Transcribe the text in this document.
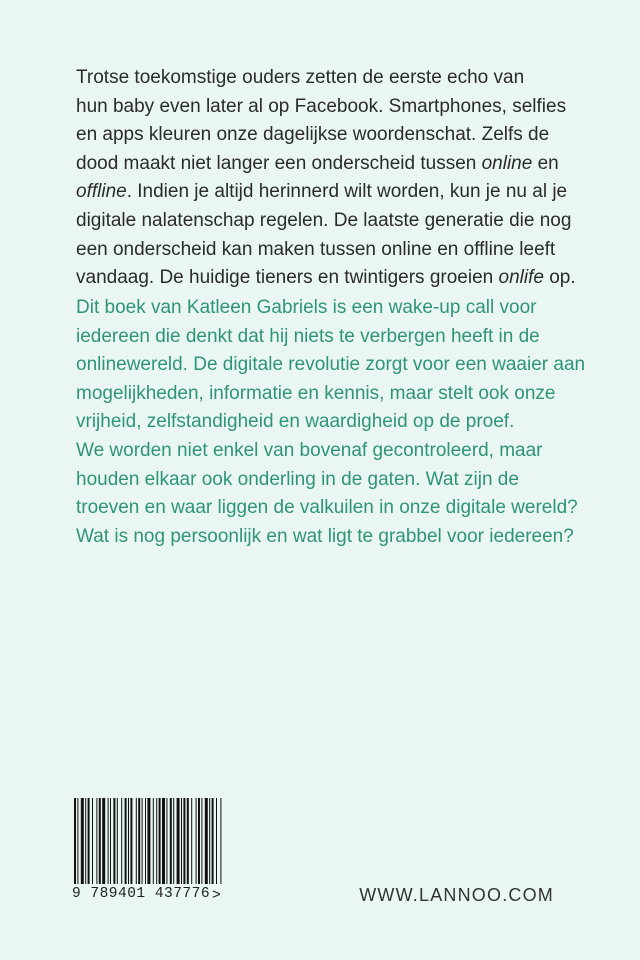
Trotse toekomstige ouders zetten de eerste echo van
hun baby even later al op Facebook. Smartphones, selfies
en apps kleuren onze dagelijkse woordenschat. Zelfs de
dood maakt niet langer een onderscheid tussen online en
offline. Indien je altijd herinnerd wilt worden, kun je nu al je
digitale nalatenschap regelen. De laatste generatie die nog
een onderscheid kan maken tussen online en offline leeft
vandaag. De huidige tieners en twintigers groeien onlife op.
Dit boek van Katleen Gabriels is een wake-up call voor
iedereen die denkt dat hij niets te verbergen heeft in de
onlinewereld. De digitale revolutie zorgt voor een waaier aan
mogelijkheden, informatie en kennis, maar stelt ook onze
vrijheid, zelfstandigheid en waardigheid op de proef.
We worden niet enkel van bovenaf gecontroleerd, maar
houden elkaar ook onderling in de gaten. Wat zijn de
troeven en waar liggen de valkuilen in onze digitale wereld?
Wat is nog persoonlijk en wat ligt te grabbel voor iedereen?
9 789401 437776 >	WWW.LANNOO.COM
